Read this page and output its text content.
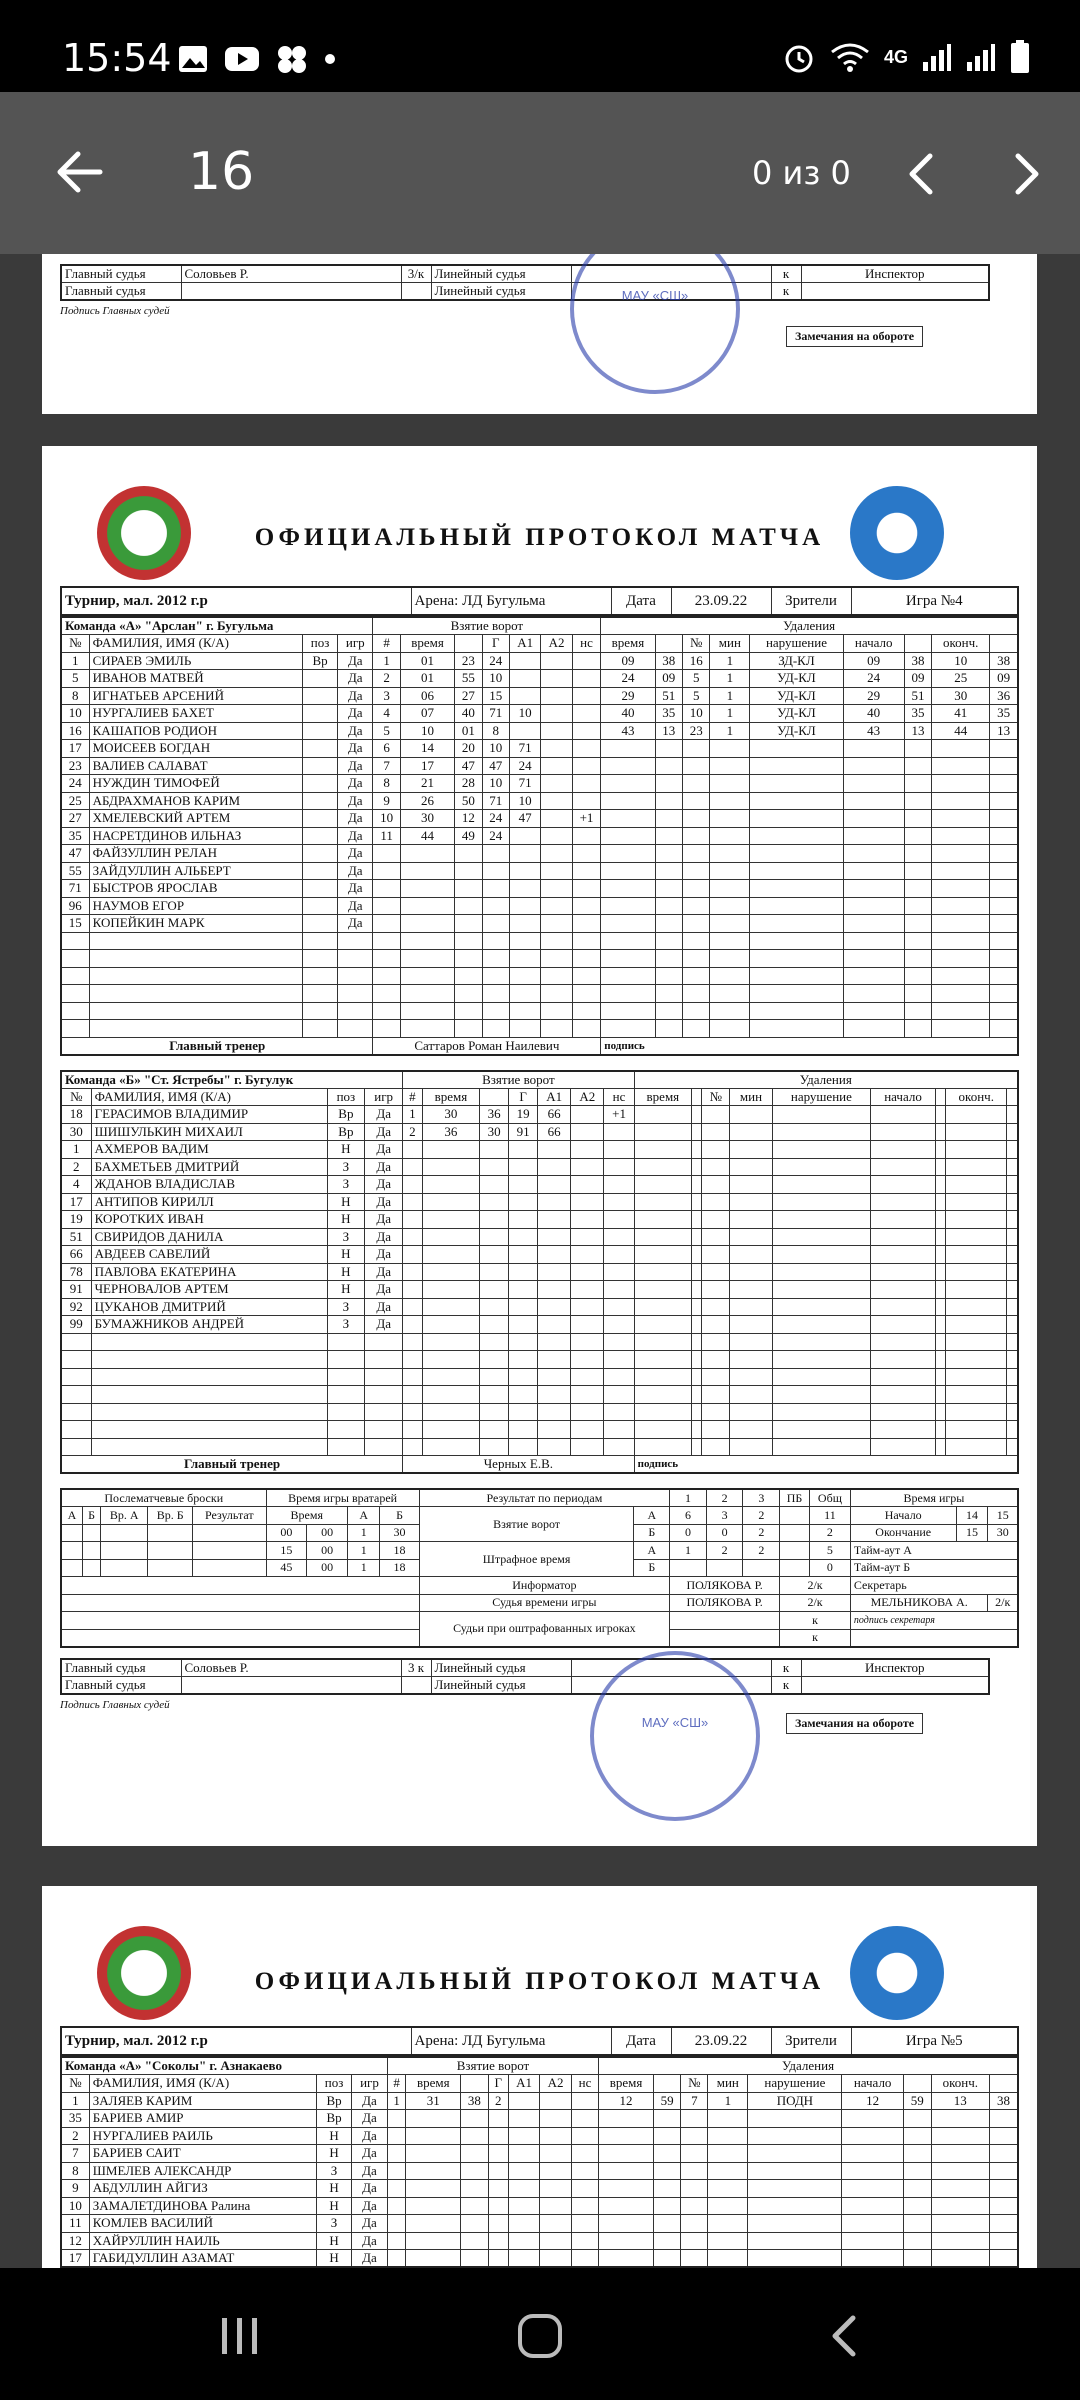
15:54	4G
16	0 из 0
Главный судья	Соловьев Р.	3/к	Линейный судья		к	Инспектор
Главный судья			Линейный судья		к	
Подпись Главных судей
Замечания на обороте
МАУ «СШ»
ОФИЦИАЛЬНЫЙ ПРОТОКОЛ МАТЧА
Турнир, мал. 2012 г.р	Арена: ЛД Бугульма	Дата	23.09.22	Зрители	Игра №4
Команда «А» "Арслан" г. Бугульма				Взятие ворот							Удаления								
№	ФАМИЛИЯ, ИМЯ (К/А)	поз	игр	#	время		Г	А1	А2	нс	время		№	мин	нарушение	начало		оконч.	
1	СИРАЕВ ЭМИЛЬ	Вр	Да	1	01	23	24				09	38	16	1	ЗД-КЛ	09	38	10	38
5	ИВАНОВ МАТВЕЙ		Да	2	01	55	10				24	09	5	1	УД-КЛ	24	09	25	09
8	ИГНАТЬЕВ АРСЕНИЙ		Да	3	06	27	15				29	51	5	1	УД-КЛ	29	51	30	36
10	НУРГАЛИЕВ БАХЕТ		Да	4	07	40	71	10			40	35	10	1	УД-КЛ	40	35	41	35
16	КАШАПОВ РОДИОН		Да	5	10	01	8				43	13	23	1	УД-КЛ	43	13	44	13
17	МОИСЕЕВ БОГДАН		Да	6	14	20	10	71											
23	ВАЛИЕВ САЛАВАТ		Да	7	17	47	47	24											
24	НУЖДИН ТИМОФЕЙ		Да	8	21	28	10	71											
25	АБДРАХМАНОВ КАРИМ		Да	9	26	50	71	10											
27	ХМЕЛЕВСКИЙ АРТЕМ		Да	10	30	12	24	47		+1									
35	НАСРЕТДИНОВ ИЛЬНАЗ		Да	11	44	49	24												
47	ФАЙЗУЛЛИН РЕЛАН		Да																
55	ЗАЙДУЛЛИН АЛЬБЕРТ		Да																
71	БЫСТРОВ ЯРОСЛАВ		Да																
96	НАУМОВ ЕГОР		Да																
15	КОПЕЙКИН МАРК		Да																

Главный тренер				Саттаров Роман Наилевич							подпись								
Команда «Б» "Ст. Ястребы" г. Бугулук				Взятие ворот							Удаления								
№	ФАМИЛИЯ, ИМЯ (К/А)	поз	игр	#	время		Г	А1	А2	нс	время		№	мин	нарушение	начало		оконч.	
18	ГЕРАСИМОВ ВЛАДИМИР	Вр	Да	1	30	36	19	66		+1									
30	ШИШУЛЬКИН МИХАИЛ	Вр	Да	2	36	30	91	66											
1	АХМЕРОВ ВАДИМ	Н	Да																
2	БАХМЕТЬЕВ ДМИТРИЙ	З	Да																
4	ЖДАНОВ ВЛАДИСЛАВ	З	Да																
17	АНТИПОВ КИРИЛЛ	Н	Да																
19	КОРОТКИХ ИВАН	Н	Да																
51	СВИРИДОВ ДАНИЛА	З	Да																
66	АВДЕЕВ САВЕЛИЙ	Н	Да																
78	ПАВЛОВА ЕКАТЕРИНА	Н	Да																
91	ЧЕРНОВАЛОВ АРТЕМ	Н	Да																
92	ЦУКАНОВ ДМИТРИЙ	З	Да																
99	БУМАЖНИКОВ АНДРЕЙ	З	Да																

Главный тренер				Черных Е.В.							подпись								
Послематчевые броски					Время игры вратарей				Результат по периодам		1	2	3	ПБ	Общ	Время игры		
А	Б	Вр. А	Вр. Б	Результат	Время		А	Б	Взятие ворот	А	6	3	2		11	Начало	14	15
					00	00	1	30		Б	0	0	2		2	Окончание	15	30
					15	00	1	18	Штрафное время	А	1	2	2		5	Тайм-аут А		
					45	00	1	18		Б					0	Тайм-аут Б		
									Информатор		ПОЛЯКОВА Р.			2/к		Секретарь		
									Судья времени игры		ПОЛЯКОВА Р.			2/к		МЕЛЬНИКОВА А.		2/к
									Судьи при оштрафованных игроках					к		подпись секретаря		
														к				
Главный судья	Соловьев Р.	3 к	Линейный судья		к	Инспектор
Главный судья			Линейный судья		к	
Подпись Главных судей
Замечания на обороте
МАУ «СШ»
ОФИЦИАЛЬНЫЙ ПРОТОКОЛ МАТЧА
Турнир, мал. 2012 г.р	Арена: ЛД Бугульма	Дата	23.09.22	Зрители	Игра №5
Команда «А» "Соколы" г. Азнакаево				Взятие ворот							Удаления								
№	ФАМИЛИЯ, ИМЯ (К/А)	поз	игр	#	время		Г	А1	А2	нс	время		№	мин	нарушение	начало		оконч.	
1	ЗАЛЯЕВ КАРИМ	Вр	Да	1	31	38	2				12	59	7	1	ПОДН	12	59	13	38
35	БАРИЕВ АМИР	Вр	Да																
2	НУРГАЛИЕВ РАИЛЬ	Н	Да																
7	БАРИЕВ САИТ	Н	Да																
8	ШМЕЛЕВ АЛЕКСАНДР	З	Да																
9	АБДУЛЛИН АЙГИЗ	Н	Да																
10	ЗАМАЛЕТДИНОВА Ралина	Н	Да																
11	КОМЛЕВ ВАСИЛИЙ	З	Да																
12	ХАЙРУЛЛИН НАИЛЬ	Н	Да																
17	ГАБИДУЛЛИН АЗАМАТ	Н	Да																
